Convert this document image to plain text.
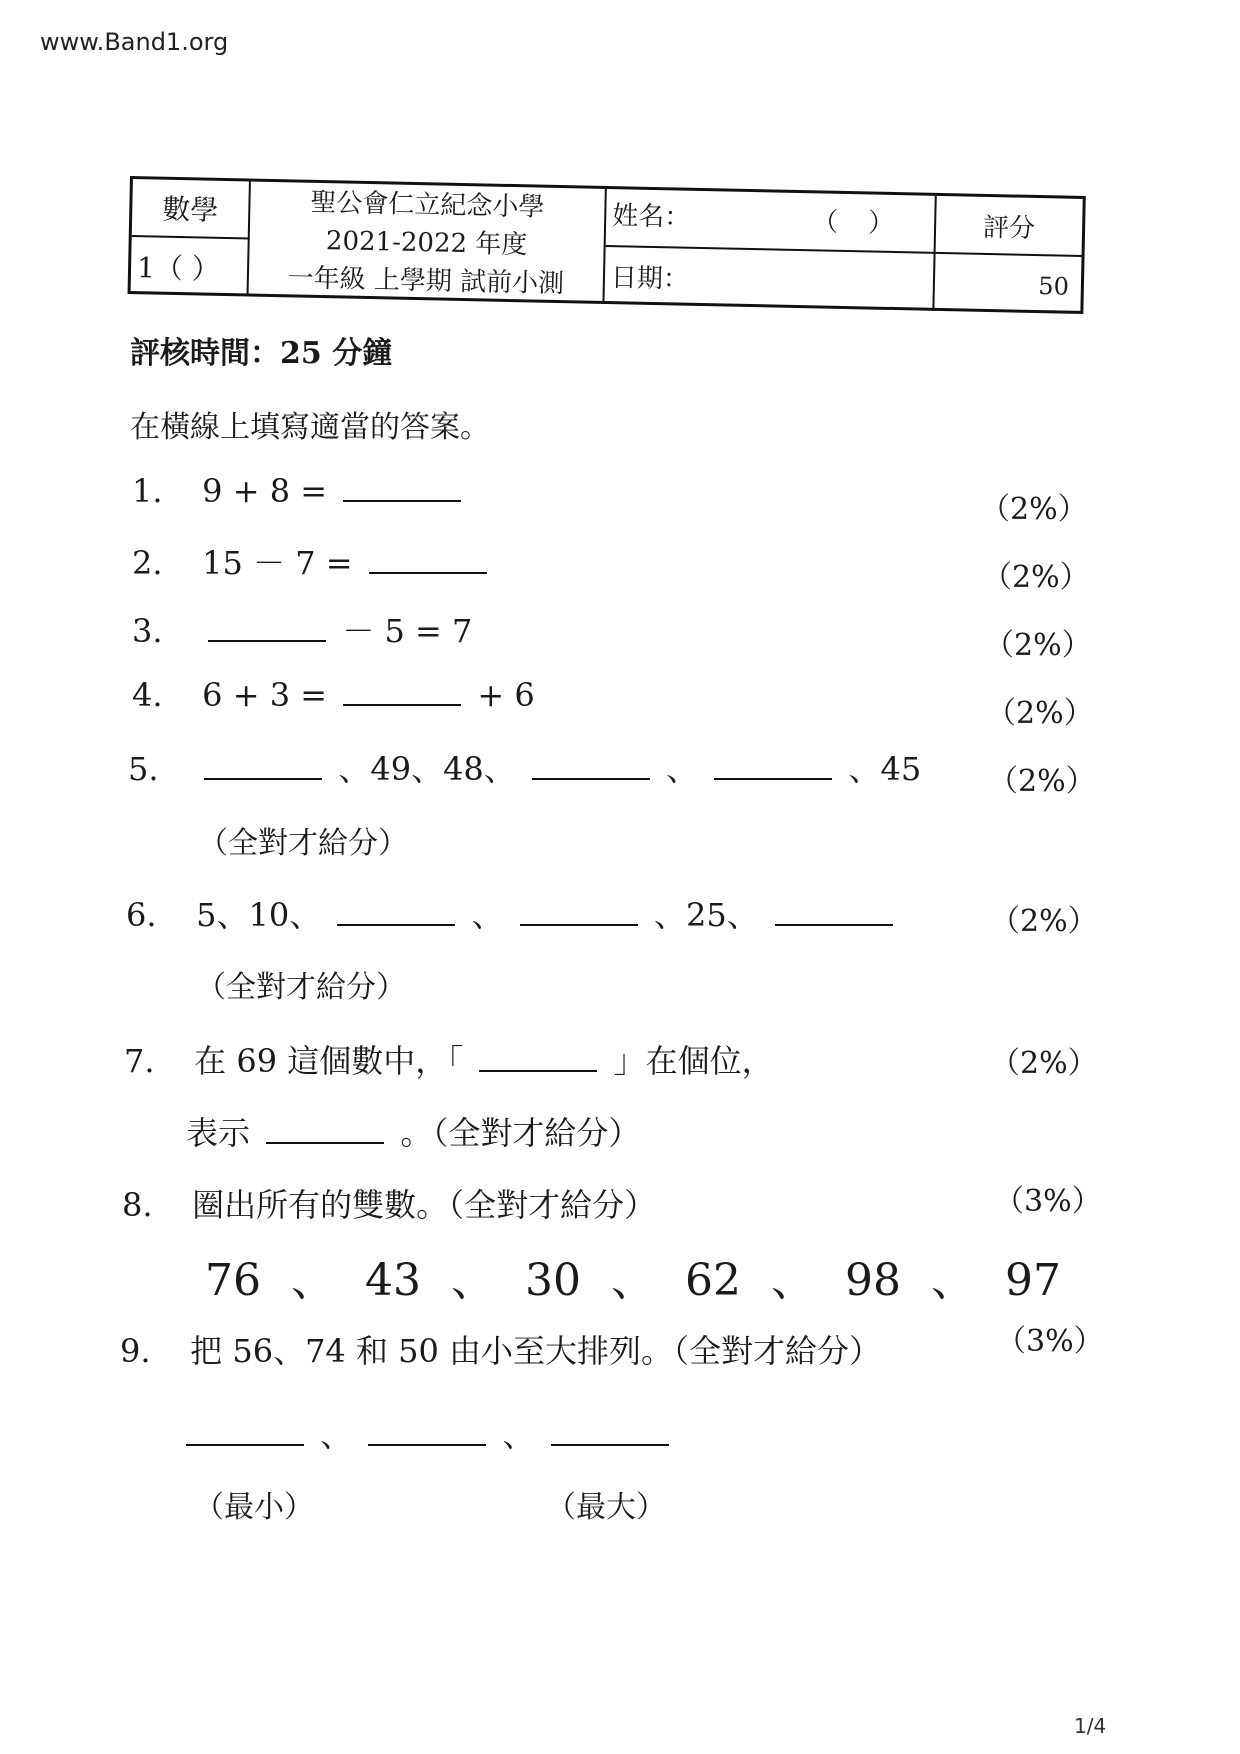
www.Band1.org
數學
1（ ）
聖公會仁立紀念小學
2021-2022 年度
一年級 上學期 試前小測
姓名：	（）
日期：
評分
50
評核時間：25 分鐘
在橫線上填寫適當的答案。
1. 9 + 8 =	（2%）
2. 15 － 7 =	（2%）
3.	－ 5 = 7	（2%）
4. 6 + 3 =	+ 6	（2%）
5.	、49、48、	、	、45 （2%）
（全對才給分）
6. 5、10、	、	、25、	（2%）
（全對才給分）
7. 在 69 這個數中，「	」在個位，	（2%）
表示	。（全對才給分）
8. 圈出所有的雙數。（全對才給分）	（3%）
76 、 43 、 30 、 62 、 98 、 97
9. 把 56、74 和 50 由小至大排列。（全對才給分）	（3%）
、	、
（最小）	（最大）
1/4
